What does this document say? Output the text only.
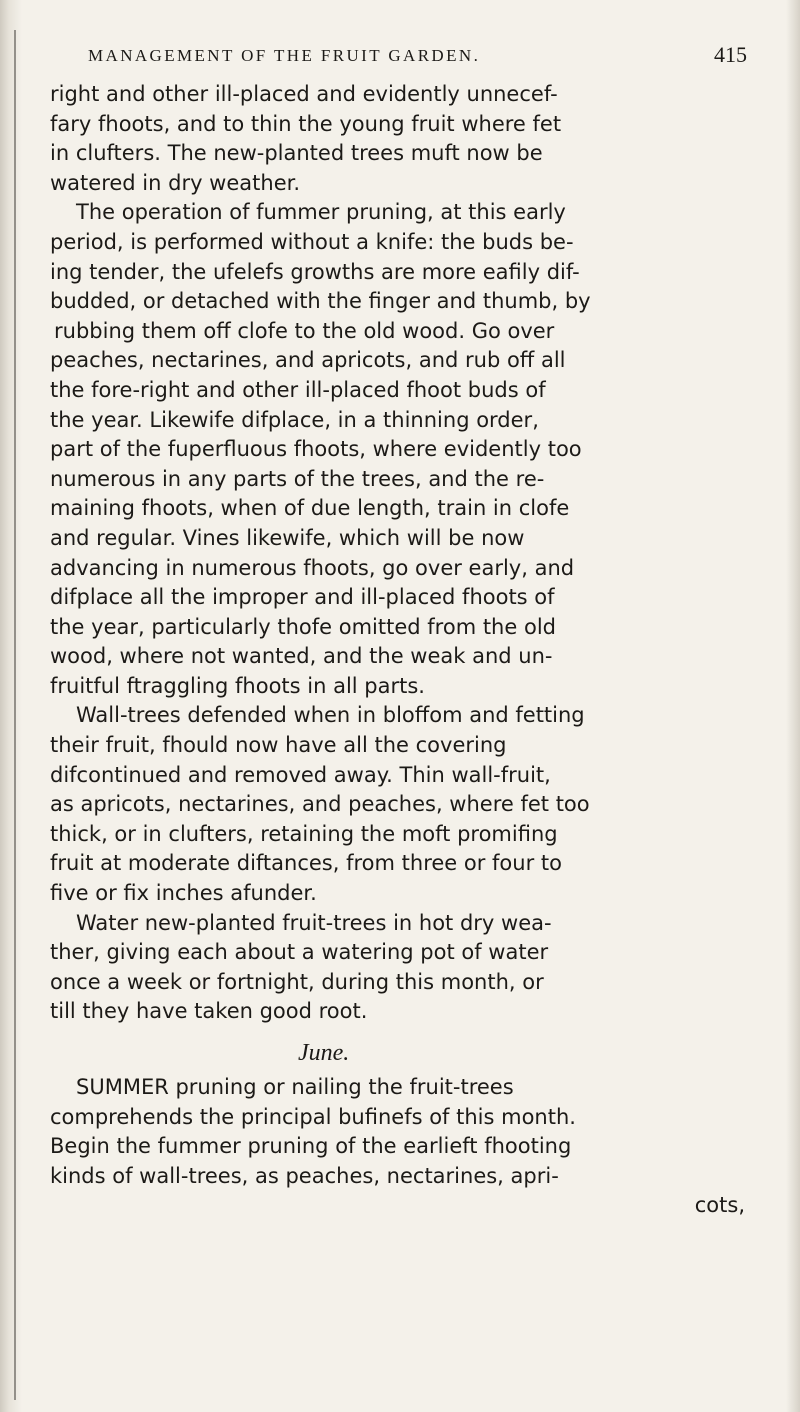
MANAGEMENT OF THE FRUIT GARDEN.	415
right and other ill-placed and evidently unnecef-
fary fhoots, and to thin the young fruit where fet
in clufters. The new-planted trees muft now be
watered in dry weather.
The operation of fummer pruning, at this early
period, is performed without a knife: the buds be-
ing tender, the ufelefs growths are more eafily dif-
budded, or detached with the finger and thumb, by
rubbing them off clofe to the old wood. Go over
peaches, nectarines, and apricots, and rub off all
the fore-right and other ill-placed fhoot buds of
the year. Likewife difplace, in a thinning order,
part of the fuperfluous fhoots, where evidently too
numerous in any parts of the trees, and the re-
maining fhoots, when of due length, train in clofe
and regular. Vines likewife, which will be now
advancing in numerous fhoots, go over early, and
difplace all the improper and ill-placed fhoots of
the year, particularly thofe omitted from the old
wood, where not wanted, and the weak and un-
fruitful ftraggling fhoots in all parts.
Wall-trees defended when in bloffom and fetting
their fruit, fhould now have all the covering
difcontinued and removed away. Thin wall-fruit,
as apricots, nectarines, and peaches, where fet too
thick, or in clufters, retaining the moft promifing
fruit at moderate diftances, from three or four to
five or fix inches afunder.
Water new-planted fruit-trees in hot dry wea-
ther, giving each about a watering pot of water
once a week or fortnight, during this month, or
till they have taken good root.
June.
SUMMER pruning or nailing the fruit-trees
comprehends the principal bufinefs of this month.
Begin the fummer pruning of the earlieft fhooting
kinds of wall-trees, as peaches, nectarines, apri-
cots,
